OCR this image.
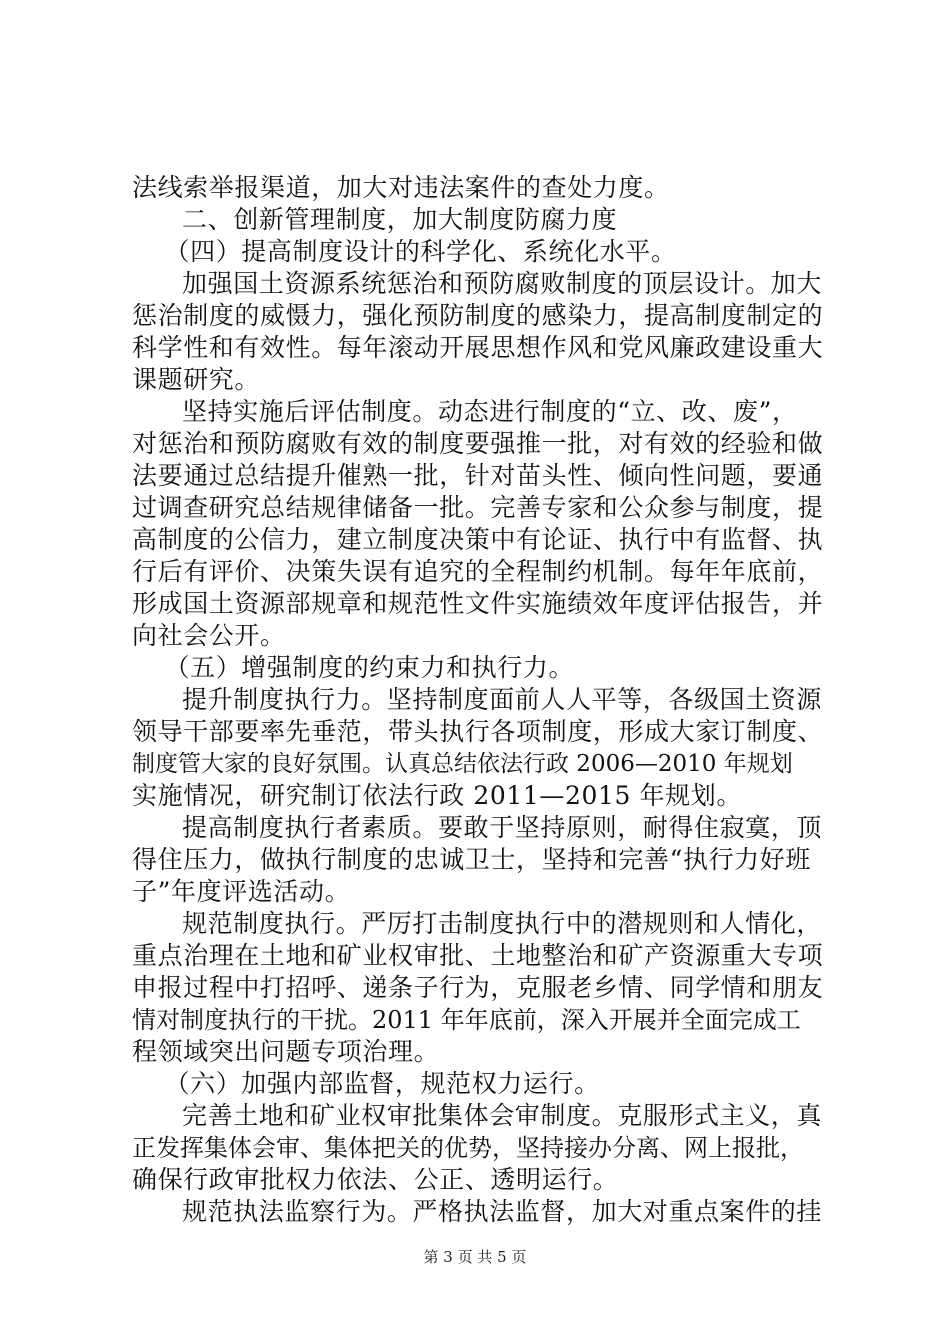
法线索举报渠道，加大对违法案件的查处力度。
二、创新管理制度，加大制度防腐力度
（四）提高制度设计的科学化、系统化水平。
加强国土资源系统惩治和预防腐败制度的顶层设计。加大
惩治制度的威慑力，强化预防制度的感染力，提高制度制定的
科学性和有效性。每年滚动开展思想作风和党风廉政建设重大
课题研究。
坚持实施后评估制度。动态进行制度的“立、改、废”，
对惩治和预防腐败有效的制度要强推一批，对有效的经验和做
法要通过总结提升催熟一批，针对苗头性、倾向性问题，要通
过调查研究总结规律储备一批。完善专家和公众参与制度，提
高制度的公信力，建立制度决策中有论证、执行中有监督、执
行后有评价、决策失误有追究的全程制约机制。每年年底前，
形成国土资源部规章和规范性文件实施绩效年度评估报告，并
向社会公开。
（五）增强制度的约束力和执行力。
提升制度执行力。坚持制度面前人人平等，各级国土资源
领导干部要率先垂范，带头执行各项制度，形成大家订制度、
制度管大家的良好氛围。认真总结依法行政 2006—2010 年规划
实施情况，研究制订依法行政 2011—2015 年规划。
提高制度执行者素质。要敢于坚持原则，耐得住寂寞，顶
得住压力，做执行制度的忠诚卫士，坚持和完善“执行力好班
子”年度评选活动。
规范制度执行。严厉打击制度执行中的潜规则和人情化，
重点治理在土地和矿业权审批、土地整治和矿产资源重大专项
申报过程中打招呼、递条子行为，克服老乡情、同学情和朋友
情对制度执行的干扰。2011 年年底前，深入开展并全面完成工
程领域突出问题专项治理。
（六）加强内部监督，规范权力运行。
完善土地和矿业权审批集体会审制度。克服形式主义，真
正发挥集体会审、集体把关的优势，坚持接办分离、网上报批，
确保行政审批权力依法、公正、透明运行。
规范执法监察行为。严格执法监督，加大对重点案件的挂
第 3 页 共 5 页
